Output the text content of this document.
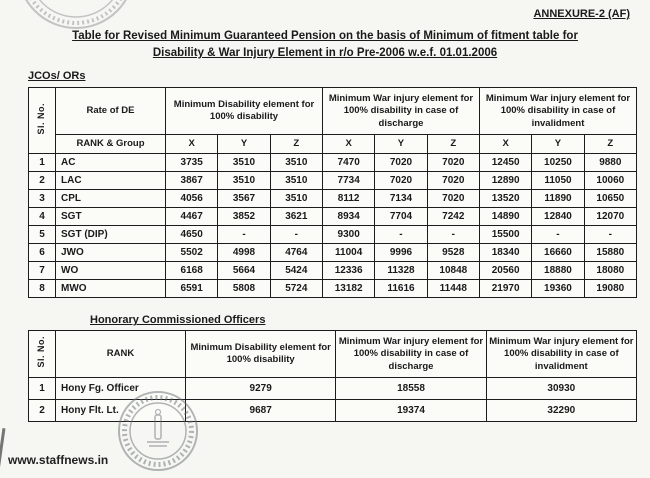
ANNEXURE-2 (AF)
Table for Revised Minimum Guaranteed Pension on the basis of Minimum of fitment table for
Disability & War Injury Element in r/o Pre-2006 w.e.f. 01.01.2006
JCOs/ ORs
Sl. No.	Rate of DE	Minimum Disability element for 100% disability			Minimum War injury element for 100% disability in case of discharge			Minimum War injury element for 100% disability in case of invalidment		
	RANK & Group	X	Y	Z	X	Y	Z	X	Y	Z
1	AC	3735	3510	3510	7470	7020	7020	12450	10250	9880
2	LAC	3867	3510	3510	7734	7020	7020	12890	11050	10060
3	CPL	4056	3567	3510	8112	7134	7020	13520	11890	10650
4	SGT	4467	3852	3621	8934	7704	7242	14890	12840	12070
5	SGT (DIP)	4650	-	-	9300	-	-	15500	-	-
6	JWO	5502	4998	4764	11004	9996	9528	18340	16660	15880
7	WO	6168	5664	5424	12336	11328	10848	20560	18880	18080
8	MWO	6591	5808	5724	13182	11616	11448	21970	19360	19080
Honorary Commissioned Officers
Sl. No.	RANK	Minimum Disability element for 100% disability	Minimum War injury element for 100% disability in case of discharge	Minimum War injury element for 100% disability in case of invalidment
1	Hony Fg. Officer	9279	18558	30930
2	Hony Flt. Lt.	9687	19374	32290
www.staffnews.in
